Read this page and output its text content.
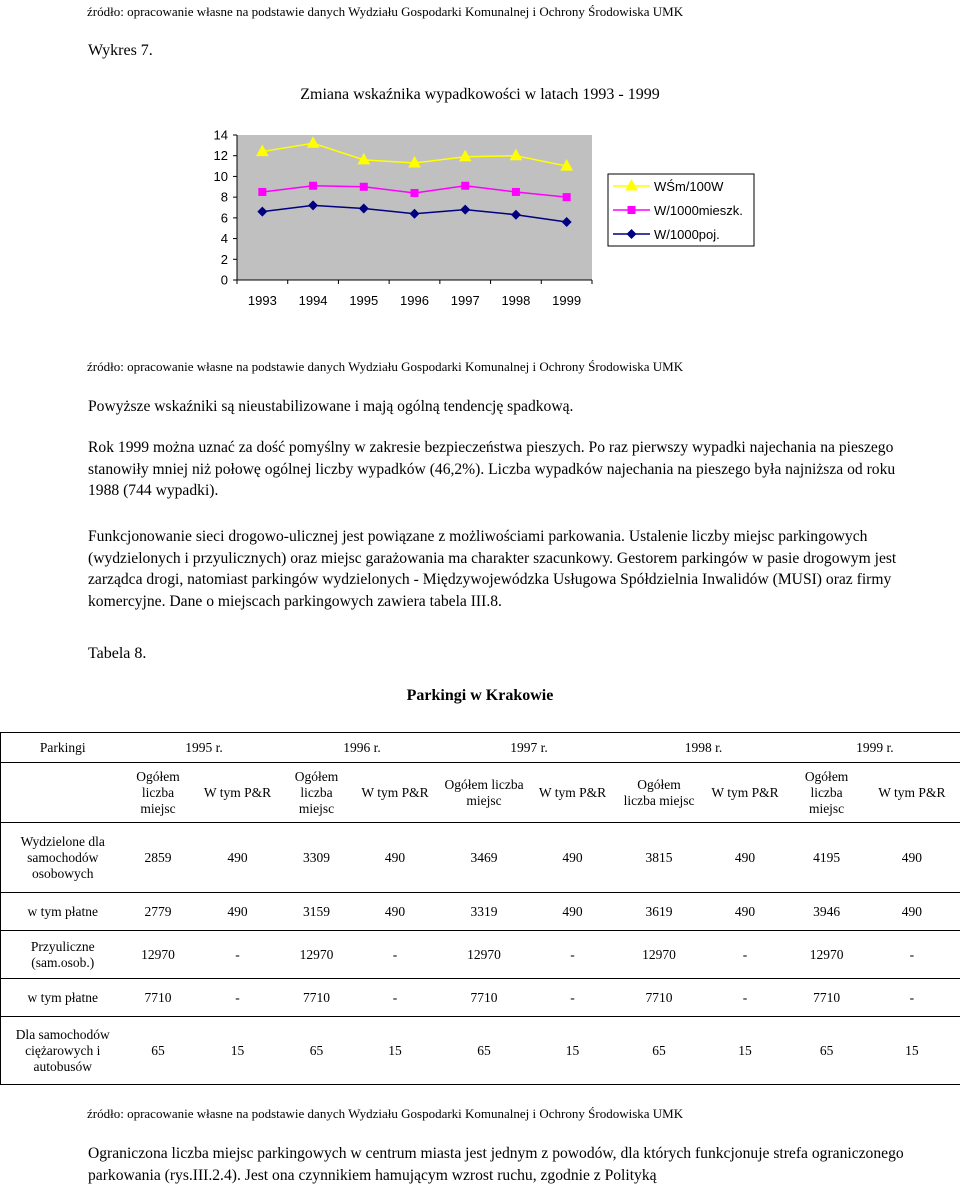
źródło: opracowanie własne na podstawie danych Wydziału Gospodarki Komunalnej i Ochrony Środowiska UMK
Wykres 7.
Zmiana wskaźnika wypadkowości w latach 1993 - 1999
0
2
4
6
8
10
12
14
1993 1994 1995 1996 1997 1998 1999
WŚm/100W
W/1000mieszk.
W/1000poj.
źródło: opracowanie własne na podstawie danych Wydziału Gospodarki Komunalnej i Ochrony Środowiska UMK
Powyższe wskaźniki są nieustabilizowane i mają ogólną tendencję spadkową.
Rok 1999 można uznać za dość pomyślny w zakresie bezpieczeństwa pieszych. Po raz pierwszy wypadki najechania na pieszego stanowiły mniej niż połowę ogólnej liczby wypadków (46,2%). Liczba wypadków najechania na pieszego była najniższa od roku 1988 (744 wypadki).
Funkcjonowanie sieci drogowo-ulicznej jest powiązane z możliwościami parkowania. Ustalenie liczby miejsc parkingowych (wydzielonych i przyulicznych) oraz miejsc garażowania ma charakter szacunkowy. Gestorem parkingów w pasie drogowym jest zarządca drogi, natomiast parkingów wydzielonych - Międzywojewódzka Usługowa Spółdzielnia Inwalidów (MUSI) oraz firmy komercyjne. Dane o miejscach parkingowych zawiera tabela III.8.
Tabela 8.
Parkingi w Krakowie
Parkingi	1995 r.		1996 r.		1997 r.		1998 r.		1999 r.	
	Ogółem liczba miejsc	W tym P&R	Ogółem liczba miejsc	W tym P&R	Ogółem liczba miejsc	W tym P&R	Ogółem liczba miejsc	W tym P&R	Ogółem liczba miejsc	W tym P&R
Wydzielone dla samochodów osobowych	2859	490	3309	490	3469	490	3815	490	4195	490
w tym płatne	2779	490	3159	490	3319	490	3619	490	3946	490
Przyuliczne (sam.osob.)	12970	-	12970	-	12970	-	12970	-	12970	-
w tym płatne	7710	-	7710	-	7710	-	7710	-	7710	-
Dla samochodów ciężarowych i autobusów	65	15	65	15	65	15	65	15	65	15
źródło: opracowanie własne na podstawie danych Wydziału Gospodarki Komunalnej i Ochrony Środowiska UMK
Ograniczona liczba miejsc parkingowych w centrum miasta jest jednym z powodów, dla których funkcjonuje strefa ograniczonego parkowania (rys.III.2.4). Jest ona czynnikiem hamującym wzrost ruchu, zgodnie z Polityką
